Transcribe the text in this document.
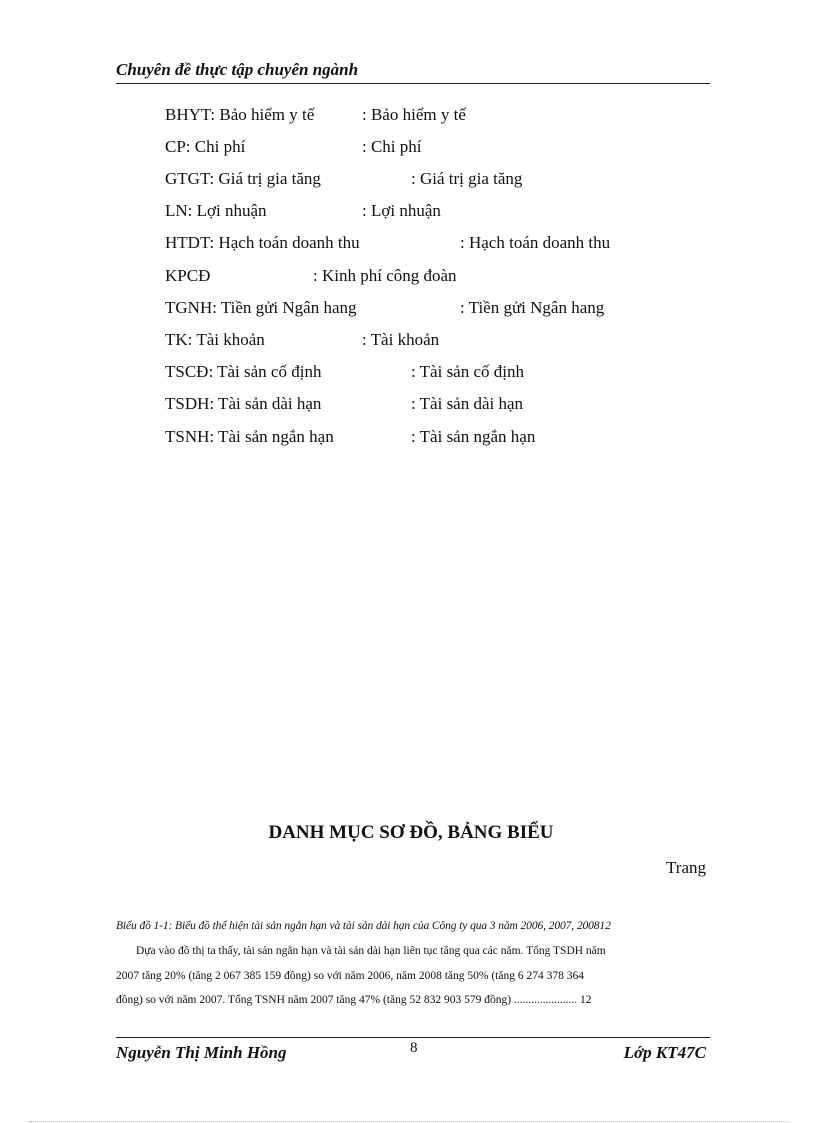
Chuyên đề thực tập chuyên ngành
BHYT: Bảo hiểm y tế	: Bảo hiểm y tế
CP: Chi phí	: Chi phí
GTGT: Giá trị gia tăng	: Giá trị gia tăng
LN: Lợi nhuận	: Lợi nhuận
HTDT: Hạch toán doanh thu	: Hạch toán doanh thu
KPCĐ	: Kinh phí công đoàn
TGNH: Tiền gửi Ngân hang	: Tiền gửi Ngân hang
TK: Tài khoản	: Tài khoản
TSCĐ: Tài sản cố định	: Tài sản cố định
TSDH: Tài sản dài hạn	: Tài sản dài hạn
TSNH: Tài sản ngắn hạn	: Tài sản ngắn hạn
DANH MỤC SƠ ĐỒ, BẢNG BIỂU
Trang
Biểu đồ 1-1: Biểu đồ thể hiện tài sản ngắn hạn và tài sản dài hạn của Công ty qua 3 năm 2006, 2007, 200812
Dựa vào đồ thị ta thấy, tài sản ngắn hạn và tài sản dài hạn liên tục tăng qua các năm. Tổng TSDH năm
2007 tăng 20% (tăng 2 067 385 159 đồng) so với năm 2006, năm 2008 tăng 50% (tăng 6 274 378 364
đồng) so với năm 2007. Tổng TSNH năm 2007 tăng 47% (tăng 52 832 903 579 đồng) ...................... 12
Nguyễn Thị Minh Hồng	8	Lớp KT47C
